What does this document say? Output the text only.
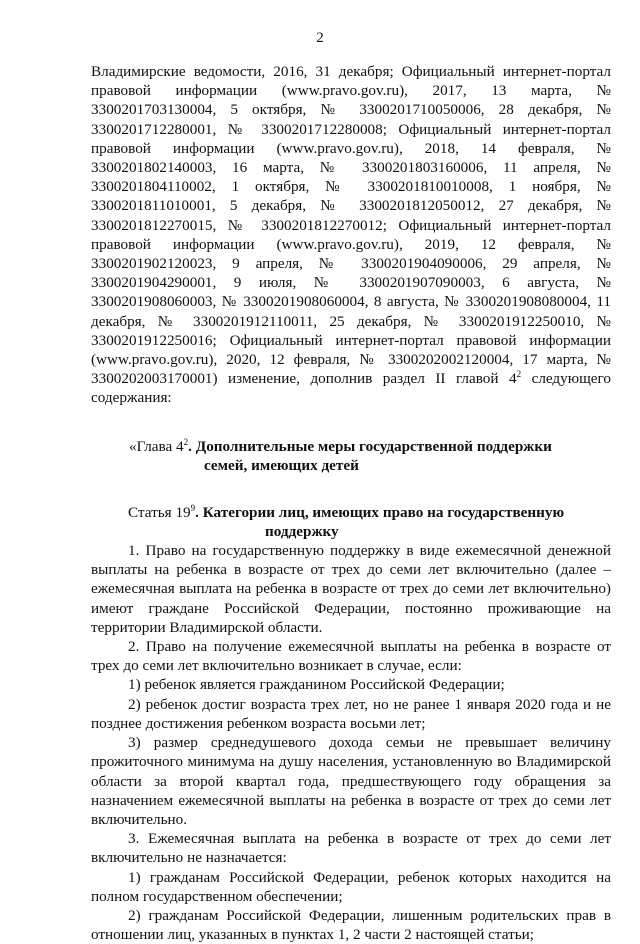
2

Владимирские ведомости, 2016, 31 декабря; Официальный интернет-портал правовой информации (www.pravo.gov.ru), 2017, 13 марта, № 3300201703130004, 5 октября, № 3300201710050006, 28 декабря, № 3300201712280001, № 3300201712280008; Официальный интернет-портал правовой информации (www.pravo.gov.ru), 2018, 14 февраля, № 3300201802140003, 16 марта, № 3300201803160006, 11 апреля, № 3300201804110002, 1 октября, № 3300201810010008, 1 ноября, № 3300201811010001, 5 декабря, № 3300201812050012, 27 декабря, № 3300201812270015, № 3300201812270012; Официальный интернет-портал правовой информации (www.pravo.gov.ru), 2019, 12 февраля, № 3300201902120023, 9 апреля, № 3300201904090006, 29 апреля, № 3300201904290001, 9 июля, № 3300201907090003, 6 августа, № 3300201908060003, № 3300201908060004, 8 августа, № 3300201908080004, 11 декабря, № 3300201912110011, 25 декабря, № 3300201912250010, № 3300201912250016; Официальный интернет-портал правовой информации (www.pravo.gov.ru), 2020, 12 февраля, № 3300202002120004, 17 марта, № 3300202003170001) изменение, дополнив раздел II главой $4^2$ следующего содержания:

«Глава $4^2$. Дополнительные меры государственной поддержки
семей, имеющих детей
Статья $19^9$. Категории лиц, имеющих право на государственную
поддержку

1. Право на государственную поддержку в виде ежемесячной денежной выплаты на ребенка в возрасте от трех до семи лет включительно (далее – ежемесячная выплата на ребенка в возрасте от трех до семи лет включительно) имеют граждане Российской Федерации, постоянно проживающие на территории Владимирской области.

2. Право на получение ежемесячной выплаты на ребенка в возрасте от трех до семи лет включительно возникает в случае, если:

1) ребенок является гражданином Российской Федерации;

2) ребенок достиг возраста трех лет, но не ранее 1 января 2020 года и не позднее достижения ребенком возраста восьми лет;

3) размер среднедушевого дохода семьи не превышает величину прожиточного минимума на душу населения, установленную во Владимирской области за второй квартал года, предшествующего году обращения за назначением ежемесячной выплаты на ребенка в возрасте от трех до семи лет включительно.

3. Ежемесячная выплата на ребенка в возрасте от трех до семи лет включительно не назначается:

1) гражданам Российской Федерации, ребенок которых находится на полном государственном обеспечении;

2) гражданам Российской Федерации, лишенным родительских прав в отношении лиц, указанных в пунктах 1, 2 части 2 настоящей статьи;
